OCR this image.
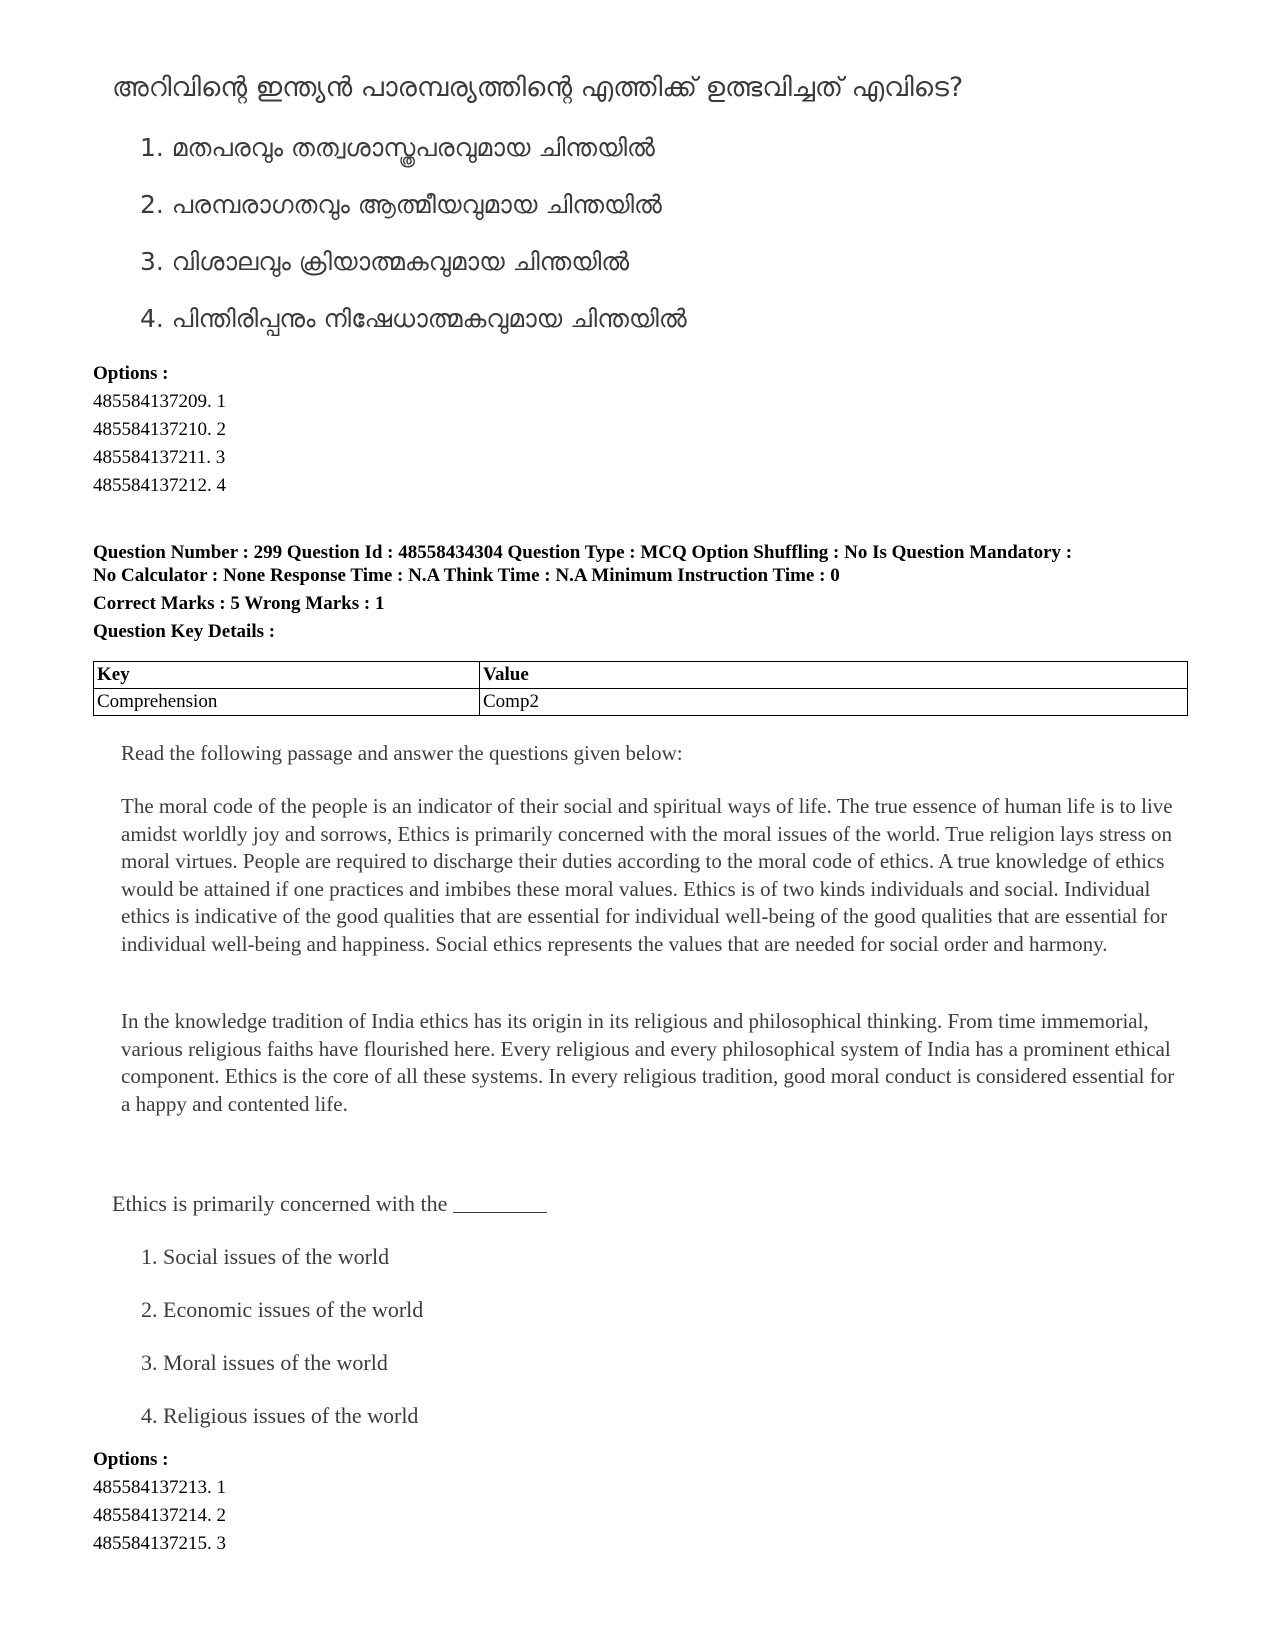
അറിവിന്റെ ഇന്ത്യൻ പാരമ്പര്യത്തിന്റെ എത്തിക്ക് ഉത്ഭവിച്ചത് എവിടെ?
1. മതപരവും തത്വശാസ്ത്രപരവുമായ ചിന്തയിൽ
2. പരമ്പരാഗതവും ആത്മീയവുമായ ചിന്തയിൽ
3. വിശാലവും ക്രിയാത്മകവുമായ ചിന്തയിൽ
4. പിന്തിരിപ്പനും നിഷേധാത്മകവുമായ ചിന്തയിൽ
Options :
485584137209. 1
485584137210. 2
485584137211. 3
485584137212. 4
Question Number : 299 Question Id : 48558434304 Question Type : MCQ Option Shuffling : No Is Question Mandatory :
No Calculator : None Response Time : N.A Think Time : N.A Minimum Instruction Time : 0
Correct Marks : 5 Wrong Marks : 1
Question Key Details :
Key	Value
Comprehension	Comp2

Read the following passage and answer the questions given below:

The moral code of the people is an indicator of their social and spiritual ways of life. The true essence of human life is to live amidst worldly joy and sorrows, Ethics is primarily concerned with the moral issues of the world. True religion lays stress on moral virtues. People are required to discharge their duties according to the moral code of ethics. A true knowledge of ethics would be attained if one practices and imbibes these moral values. Ethics is of two kinds individuals and social. Individual ethics is indicative of the good qualities that are essential for individual well-being of the good qualities that are essential for individual well-being and happiness. Social ethics represents the values that are needed for social order and harmony.

In the knowledge tradition of India ethics has its origin in its religious and philosophical thinking. From time immemorial, various religious faiths have flourished here. Every religious and every philosophical system of India has a prominent ethical component. Ethics is the core of all these systems. In every religious tradition, good moral conduct is considered essential for a happy and contented life.

Ethics is primarily concerned with the
1. Social issues of the world
2. Economic issues of the world
3. Moral issues of the world
4. Religious issues of the world
Options :
485584137213. 1
485584137214. 2
485584137215. 3
